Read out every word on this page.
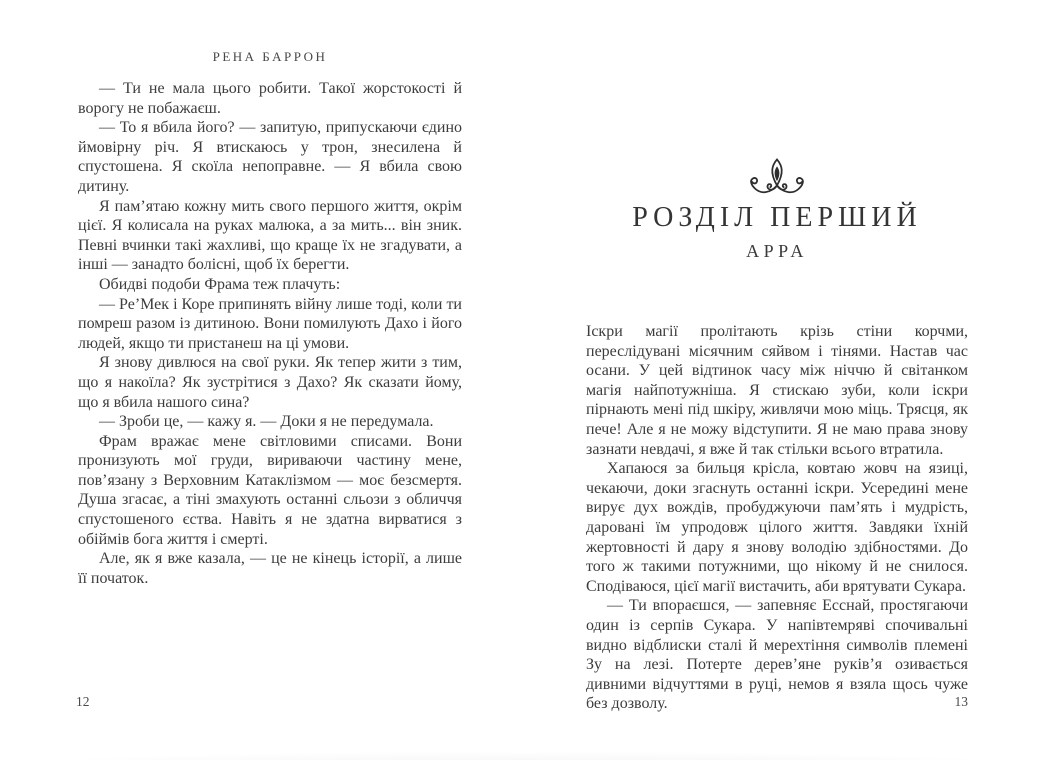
РЕНА БАРРОН

— Ти не мала цього робити. Такої жорстокості й ворогу не побажаєш.

— То я вбила його? — запитую, припускаючи єдино ймовірну річ. Я втискаюсь у трон, знесилена й спустошена. Я скоїла непоправне. — Я вбила свою дитину.

Я пам’ятаю кожну мить свого першого життя, окрім цієї. Я колисала на руках малюка, а за мить... він зник. Певні вчинки такі жахливі, що краще їх не згадувати, а інші — занадто болісні, щоб їх берегти.

Обидві подоби Фрама теж плачуть:

— Ре’Мек і Коре припинять війну лише тоді, коли ти помреш разом із дитиною. Вони помилують Дахо і його людей, якщо ти пристанеш на ці умови.

Я знову дивлюся на свої руки. Як тепер жити з тим, що я накоїла? Як зустрітися з Дахо? Як сказати йому, що я вбила нашого сина?

— Зроби це, — кажу я. — Доки я не передумала.

Фрам вражає мене світловими списами. Вони пронизують мої груди, вириваючи частину мене, пов’язану з Верховним Катаклізмом — моє безсмертя. Душа згасає, а тіні змахують останні сльози з обличчя спустошеного єства. Навіть я не здатна вирватися з обіймів бога життя і смерті.

Але, як я вже казала, — це не кінець історії, а лише її початок.

12
РОЗДІЛ ПЕРШИЙ
АРРА

Іскри магії пролітають крізь стіни корчми, переслідувані місячним сяйвом і тінями. Настав час осани. У цей відтинок часу між ніччю й світанком магія найпотужніша. Я стискаю зуби, коли іскри пірнають мені під шкіру, живлячи мою міць. Трясця, як пече! Але я не можу відступити. Я не маю права знову зазнати невдачі, я вже й так стільки всього втратила.

Хапаюся за бильця крісла, ковтаю жовч на язиці, чекаючи, доки згаснуть останні іскри. Усередині мене вирує дух вождів, пробуджуючи пам’ять і мудрість, даровані їм упродовж цілого життя. Завдяки їхній жертовності й дару я знову володію здібностями. До того ж такими потужними, що нікому й не снилося. Сподіваюся, цієї магії вистачить, аби врятувати Сукара.

— Ти впораєшся, — запевняє Есснай, простягаючи один із серпів Сукара. У напівтемряві спочивальні видно відблиски сталі й мерехтіння символів племені Зу на лезі. Потерте дерев’яне руків’я озивається дивними відчуттями в руці, немов я взяла щось чуже без дозволу.	13
